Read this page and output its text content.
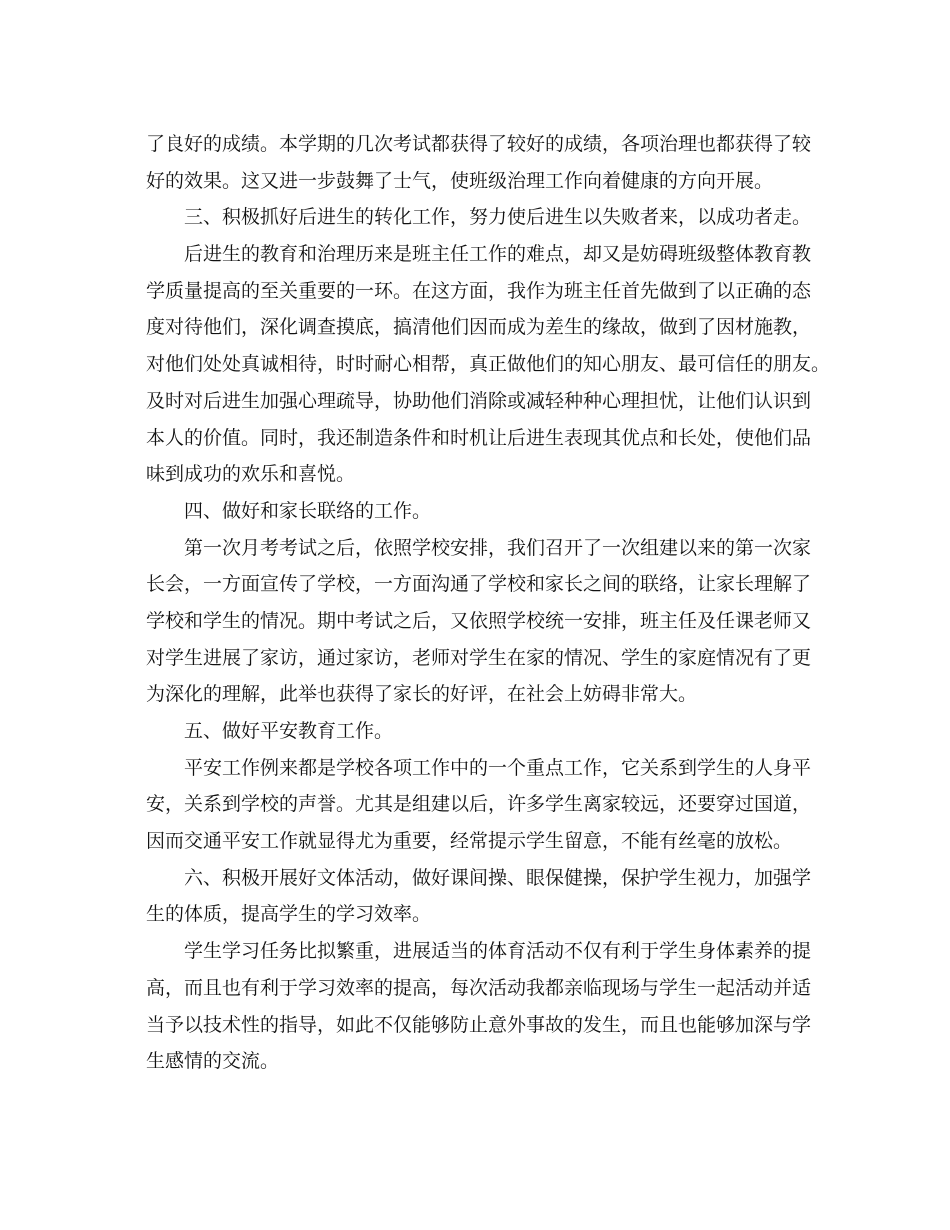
了良好的成绩。本学期的几次考试都获得了较好的成绩，各项治理也都获得了较

好的效果。这又进一步鼓舞了士气，使班级治理工作向着健康的方向开展。

三、积极抓好后进生的转化工作，努力使后进生以失败者来，以成功者走。

后进生的教育和治理历来是班主任工作的难点，却又是妨碍班级整体教育教

学质量提高的至关重要的一环。在这方面，我作为班主任首先做到了以正确的态

度对待他们，深化调查摸底，搞清他们因而成为差生的缘故，做到了因材施教，

对他们处处真诚相待，时时耐心相帮，真正做他们的知心朋友、最可信任的朋友。

及时对后进生加强心理疏导，协助他们消除或减轻种种心理担忧，让他们认识到

本人的价值。同时，我还制造条件和时机让后进生表现其优点和长处，使他们品

味到成功的欢乐和喜悦。

四、做好和家长联络的工作。

第一次月考考试之后，依照学校安排，我们召开了一次组建以来的第一次家

长会，一方面宣传了学校，一方面沟通了学校和家长之间的联络，让家长理解了

学校和学生的情况。期中考试之后，又依照学校统一安排，班主任及任课老师又

对学生进展了家访，通过家访，老师对学生在家的情况、学生的家庭情况有了更

为深化的理解，此举也获得了家长的好评，在社会上妨碍非常大。

五、做好平安教育工作。

平安工作例来都是学校各项工作中的一个重点工作，它关系到学生的人身平

安，关系到学校的声誉。尤其是组建以后，许多学生离家较远，还要穿过国道，

因而交通平安工作就显得尤为重要，经常提示学生留意，不能有丝毫的放松。

六、积极开展好文体活动，做好课间操、眼保健操，保护学生视力，加强学

生的体质，提高学生的学习效率。

学生学习任务比拟繁重，进展适当的体育活动不仅有利于学生身体素养的提

高，而且也有利于学习效率的提高，每次活动我都亲临现场与学生一起活动并适

当予以技术性的指导，如此不仅能够防止意外事故的发生，而且也能够加深与学

生感情的交流。
